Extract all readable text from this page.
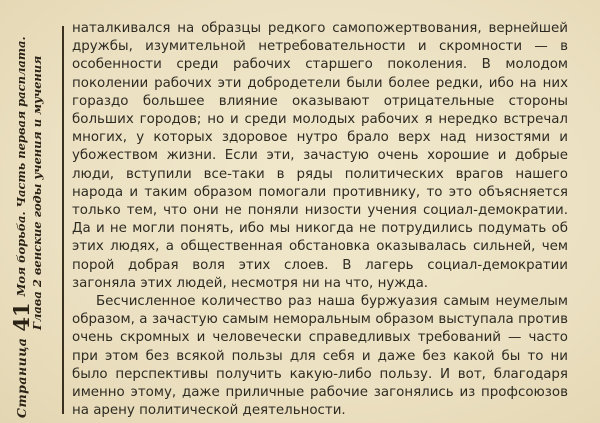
Страница
41
Моя борьба. Часть первая расплата. Глава 2 венские годы учения и мучения

наталкивался на образцы редкого самопожертвования, вернейшей дружбы, изумительной нетребовательности и скромности — в особенности среди рабочих старшего поколения. В молодом поколении рабочих эти добродетели были более редки, ибо на них гораздо большее влияние оказывают отрицательные стороны больших городов; но и среди молодых рабочих я нередко встречал многих, у которых здоровое нутро брало верх над низостями и убожеством жизни. Если эти, зачастую очень хорошие и добрые люди, вступили все-таки в ряды политических врагов нашего народа и таким образом помогали противнику, то это объясняется только тем, что они не поняли низости учения социал-демократии. Да и не могли понять, ибо мы никогда не потрудились подумать об этих людях, а общественная обстановка оказывалась сильней, чем порой добрая воля этих слоев. В лагерь социал-демократии загоняла этих людей, несмотря ни на что, нужда.

Бесчисленное количество раз наша буржуазия самым неумелым образом, а зачастую самым неморальным образом выступала против очень скромных и человечески справедливых требований — часто при этом без всякой пользы для себя и даже без какой бы то ни было перспективы получить какую-либо пользу. И вот, благодаря именно этому, даже приличные рабочие загонялись из профсоюзов на арену политической деятельности.
